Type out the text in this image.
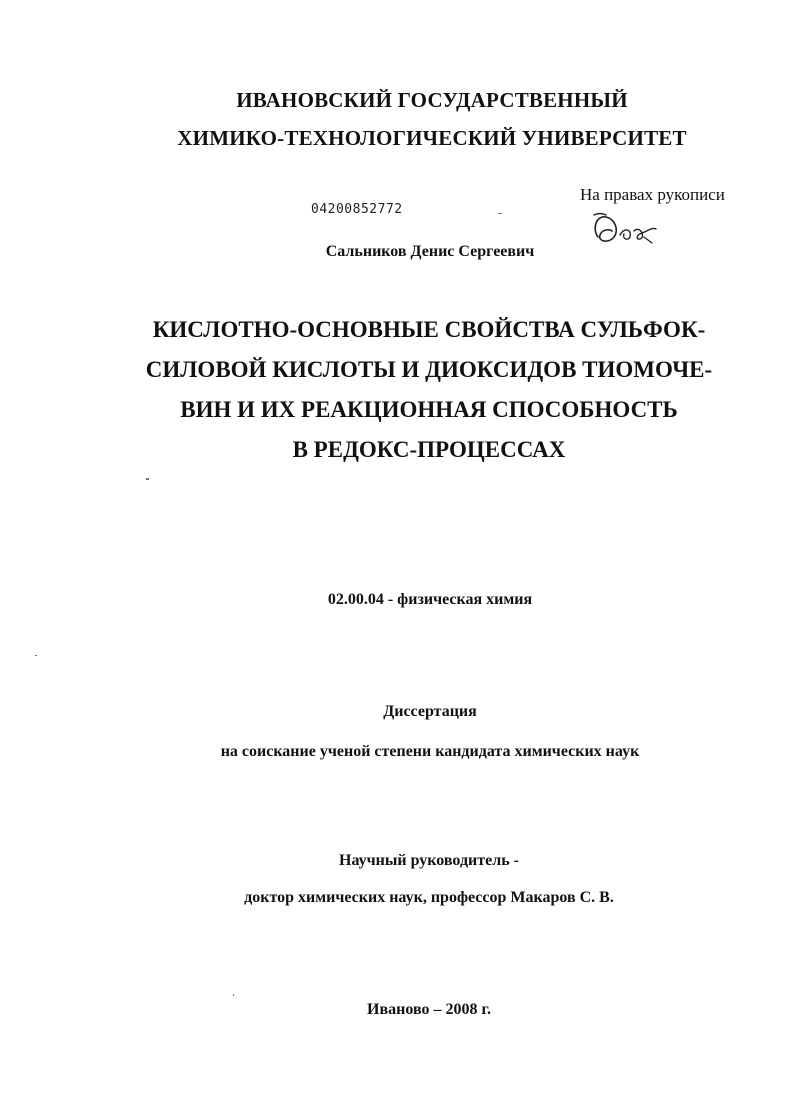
ИВАНОВСКИЙ ГОСУДАРСТВЕННЫЙ

ХИМИКО-ТЕХНОЛОГИЧЕСКИЙ УНИВЕРСИТЕТ

На правах рукописи
04200852772

Сальников Денис Сергеевич

КИСЛОТНО-ОСНОВНЫЕ СВОЙСТВА СУЛЬФОК-
СИЛОВОЙ КИСЛОТЫ И ДИОКСИДОВ ТИОМОЧЕ-
ВИН И ИХ РЕАКЦИОННАЯ СПОСОБНОСТЬ
В РЕДОКС-ПРОЦЕССАХ

02.00.04 - физическая химия

Диссертация

на соискание ученой степени кандидата химических наук

Научный руководитель -

доктор химических наук, профессор Макаров С. В.

Иваново – 2008 г.
